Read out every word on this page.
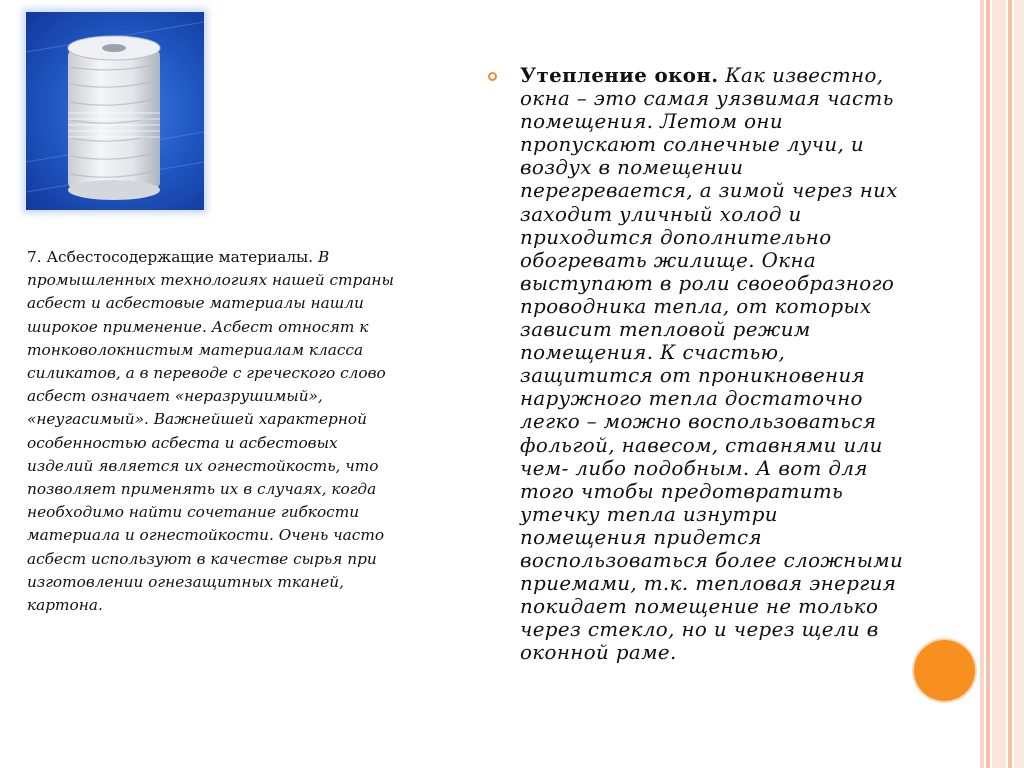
7. Асбестосодержащие материалы. В промышленных технологиях нашей страны асбест и асбестовые материалы нашли широкое применение. Асбест относят к тонковолокнистым материалам класса силикатов, а в переводе с греческого слово асбест означает «неразрушимый», «неугасимый». Важнейшей характерной особенностью асбеста и асбестовых изделий является их огнестойкость, что позволяет применять их в случаях, когда необходимо найти сочетание гибкости материала и огнестойкости. Очень часто асбест используют в качестве сырья при изготовлении огнезащитных тканей, картона.
Утепление окон. Как известно, окна – это самая уязвимая часть помещения. Летом они пропускают солнечные лучи, и воздух в помещении перегревается, а зимой через них заходит уличный холод и приходится дополнительно обогревать жилище. Окна выступают в роли своеобразного проводника тепла, от которых зависит тепловой режим помещения. К счастью, защитится от проникновения наружного тепла достаточно легко – можно воспользоваться фольгой, навесом, ставнями или чем- либо подобным. А вот для того чтобы предотвратить утечку тепла изнутри помещения придется воспользоваться более сложными приемами, т.к. тепловая энергия покидает помещение не только через стекло, но и через щели в оконной раме.
